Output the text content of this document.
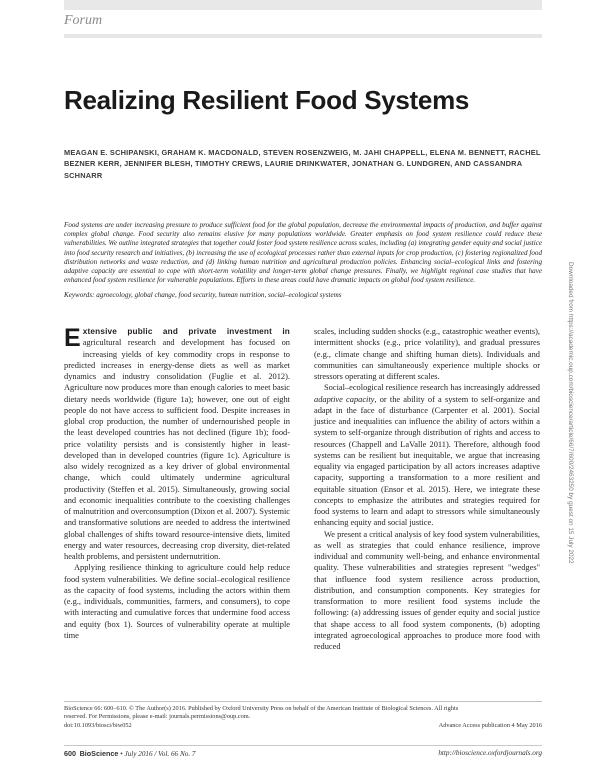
Forum
Realizing Resilient Food Systems
MEAGAN E. SCHIPANSKI, GRAHAM K. MACDONALD, STEVEN ROSENZWEIG, M. JAHI CHAPPELL, ELENA M. BENNETT, RACHEL BEZNER KERR, JENNIFER BLESH, TIMOTHY CREWS, LAURIE DRINKWATER, JONATHAN G. LUNDGREN, AND CASSANDRA SCHNARR
Food systems are under increasing pressure to produce sufficient food for the global population, decrease the environmental impacts of production, and buffer against complex global change. Food security also remains elusive for many populations worldwide. Greater emphasis on food system resilience could reduce these vulnerabilities. We outline integrated strategies that together could foster food system resilience across scales, including (a) integrating gender equity and social justice into food security research and initiatives, (b) increasing the use of ecological processes rather than external inputs for crop production, (c) fostering regionalized food distribution networks and waste reduction, and (d) linking human nutrition and agricultural production policies. Enhancing social–ecological links and fostering adaptive capacity are essential to cope with short-term volatility and longer-term global change pressures. Finally, we highlight regional case studies that have enhanced food system resilience for vulnerable populations. Efforts in these areas could have dramatic impacts on global food system resilience.
Keywords: agroecology, global change, food security, human nutrition, social–ecological systems

Extensive public and private investment in agricultural research and development has focused on increasing yields of key commodity crops in response to predicted increases in energy-dense diets as well as market dynamics and industry consolidation (Fuglie et al. 2012). Agriculture now produces more than enough calories to meet basic dietary needs worldwide (figure 1a); however, one out of eight people do not have access to sufficient food. Despite increases in global crop production, the number of undernourished people in the least developed countries has not declined (figure 1b); food-price volatility persists and is consistently higher in least-developed than in developed countries (figure 1c). Agriculture is also widely recognized as a key driver of global environmental change, which could ultimately undermine agricultural productivity (Steffen et al. 2015). Simultaneously, growing social and economic inequalities contribute to the coexisting challenges of malnutrition and overconsumption (Dixon et al. 2007). Systemic and transformative solutions are needed to address the intertwined global challenges of shifts toward resource-intensive diets, limited energy and water resources, decreasing crop diversity, diet-related health problems, and persistent undernutrition.

Applying resilience thinking to agriculture could help reduce food system vulnerabilities. We define social–ecological resilience as the capacity of food systems, including the actors within them (e.g., individuals, communities, farmers, and consumers), to cope with interacting and cumulative forces that undermine food access and equity (box 1). Sources of vulnerability operate at multiple time

scales, including sudden shocks (e.g., catastrophic weather events), intermittent shocks (e.g., price volatility), and gradual pressures (e.g., climate change and shifting human diets). Individuals and communities can simultaneously experience multiple shocks or stressors operating at different scales.

Social–ecological resilience research has increasingly addressed adaptive capacity, or the ability of a system to self-organize and adapt in the face of disturbance (Carpenter et al. 2001). Social justice and inequalities can influence the ability of actors within a system to self-organize through distribution of rights and access to resources (Chappell and LaValle 2011). Therefore, although food systems can be resilient but inequitable, we argue that increasing equality via engaged participation by all actors increases adaptive capacity, supporting a transformation to a more resilient and equitable situation (Ensor et al. 2015). Here, we integrate these concepts to emphasize the attributes and strategies required for food systems to learn and adapt to stressors while simultaneously enhancing equity and social justice.

We present a critical analysis of key food system vulnerabilities, as well as strategies that could enhance resilience, improve individual and community well-being, and enhance environmental quality. These vulnerabilities and strategies represent "wedges" that influence food system resilience across production, distribution, and consumption components. Key strategies for transformation to more resilient food systems include the following: (a) addressing issues of gender equity and social justice that shape access to all food system components, (b) adopting integrated agroecological approaches to produce more food with reduced

BioScience 66: 600–610. © The Author(s) 2016. Published by Oxford University Press on behalf of the American Institute of Biological Sciences. All rights
reserved. For Permissions, please e-mail: journals.permissions@oup.com.
doi:10.1093/biosci/biw052	Advance Access publication 4 May 2016
600 BioScience • July 2016 / Vol. 66 No. 7	http://bioscience.oxfordjournals.org
Downloaded from https://academic.oup.com/bioscience/article/66/7/600/2463250 by guest on 15 July 2022
